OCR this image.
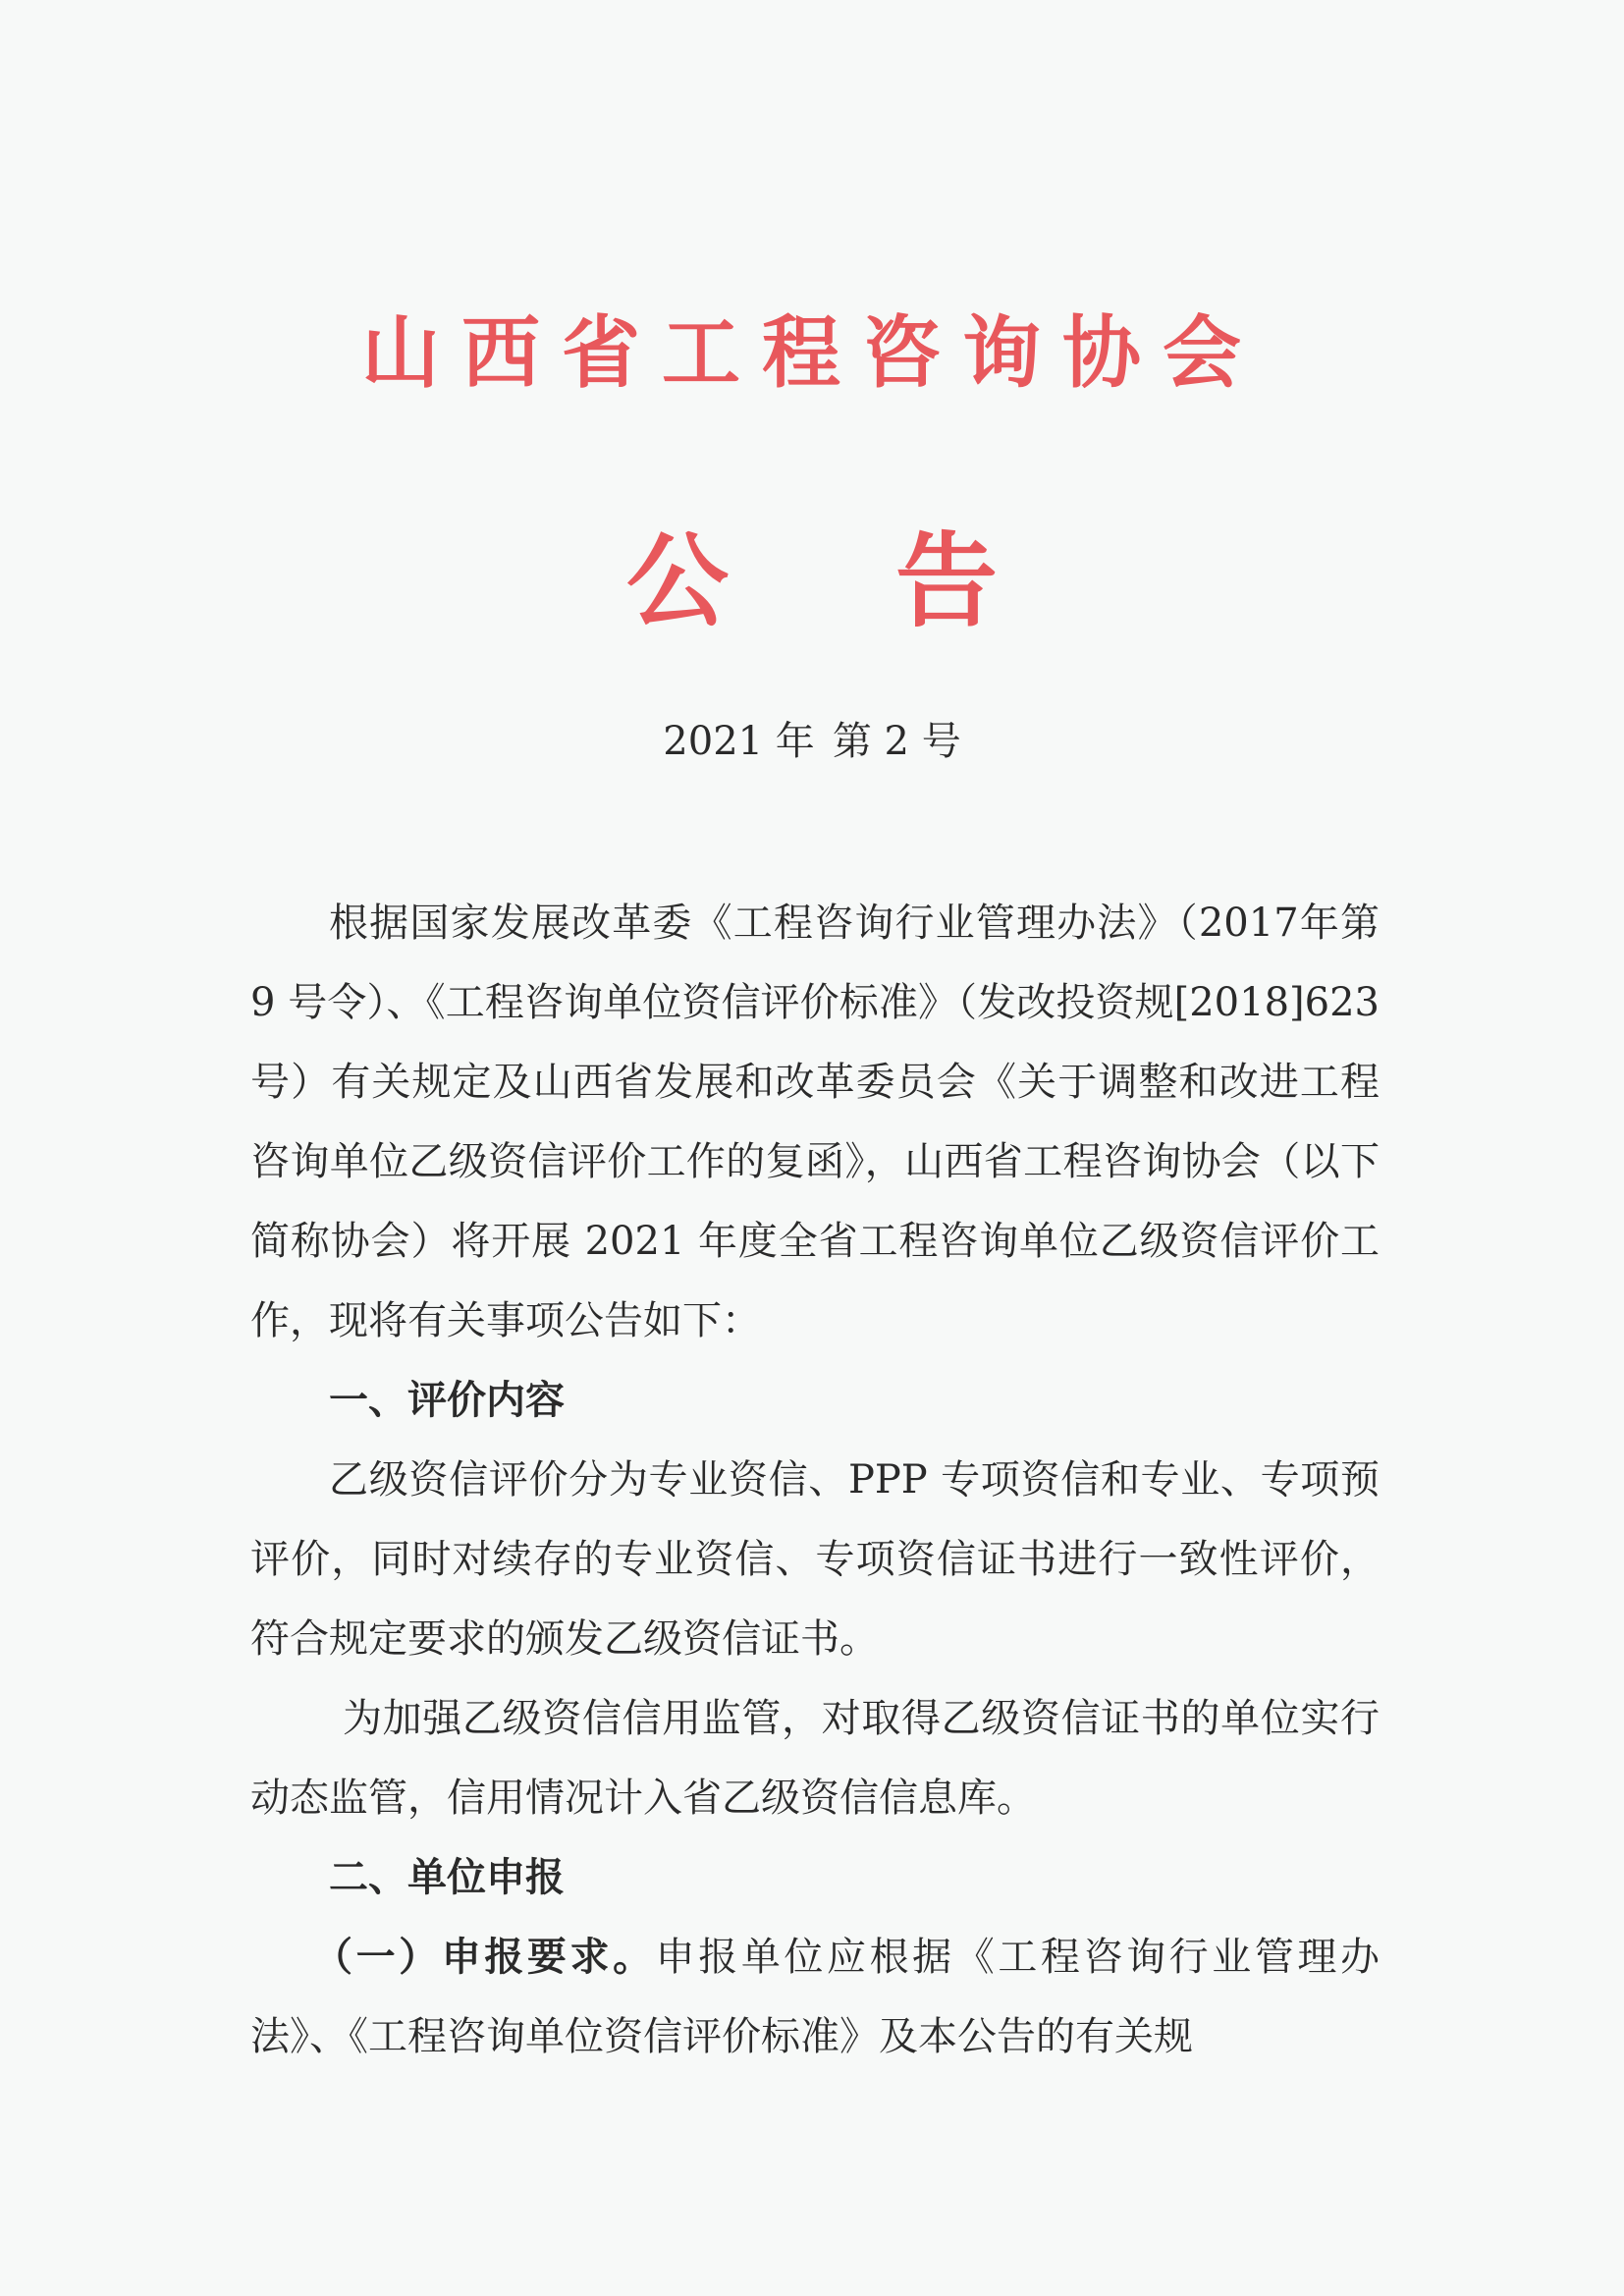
山西省工程咨询协会
公 告
2021 年 第 2 号

根据国家发展改革委《工程咨询行业管理办法》（2017年第 9 号令）、《工程咨询单位资信评价标准》（发改投资规[2018]623 号）有关规定及山西省发展和改革委员会《关于调整和改进工程咨询单位乙级资信评价工作的复函》，山西省工程咨询协会（以下简称协会）将开展 2021 年度全省工程咨询单位乙级资信评价工作，现将有关事项公告如下：

一、评价内容

乙级资信评价分为专业资信、PPP 专项资信和专业、专项预评价，同时对续存的专业资信、专项资信证书进行一致性评价，符合规定要求的颁发乙级资信证书。

为加强乙级资信信用监管，对取得乙级资信证书的单位实行动态监管，信用情况计入省乙级资信信息库。

二、单位申报

（一）申报要求。申报单位应根据《工程咨询行业管理办法》、《工程咨询单位资信评价标准》及本公告的有关规
